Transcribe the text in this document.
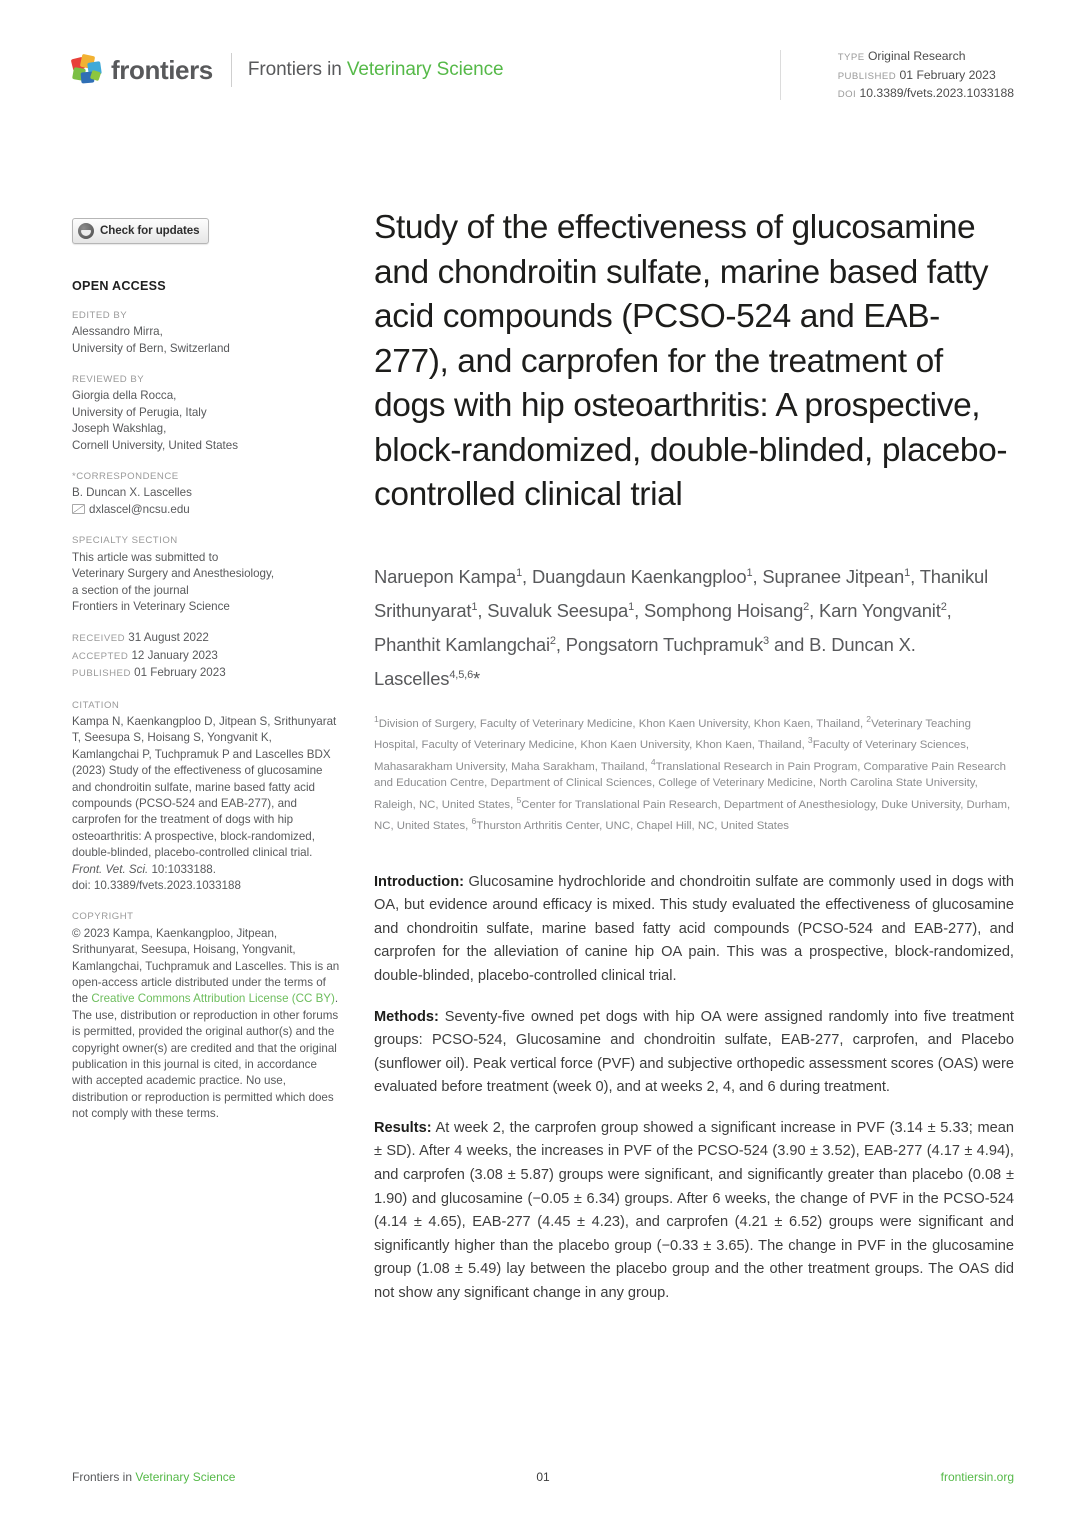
frontiers Frontiers in Veterinary Science
TYPE Original Research
PUBLISHED 01 February 2023
DOI 10.3389/fvets.2023.1033188
Check for updates
OPEN ACCESS
EDITED BY

Alessandro Mirra,

University of Bern, Switzerland

REVIEWED BY

Giorgia della Rocca,

University of Perugia, Italy

Joseph Wakshlag,

Cornell University, United States

*CORRESPONDENCE

B. Duncan X. Lascelles

dxlascel@ncsu.edu

SPECIALTY SECTION

This article was submitted to

Veterinary Surgery and Anesthesiology,

a section of the journal

Frontiers in Veterinary Science

RECEIVED 31 August 2022

ACCEPTED 12 January 2023

PUBLISHED 01 February 2023

CITATION

Kampa N, Kaenkangploo D, Jitpean S, Srithunyarat T, Seesupa S, Hoisang S, Yongvanit K, Kamlangchai P, Tuchpramuk P and Lascelles BDX (2023) Study of the effectiveness of glucosamine and chondroitin sulfate, marine based fatty acid compounds (PCSO-524 and EAB-277), and carprofen for the treatment of dogs with hip osteoarthritis: A prospective, block-randomized, double-blinded, placebo-controlled clinical trial. Front. Vet. Sci. 10:1033188.

doi: 10.3389/fvets.2023.1033188

COPYRIGHT

© 2023 Kampa, Kaenkangploo, Jitpean, Srithunyarat, Seesupa, Hoisang, Yongvanit, Kamlangchai, Tuchpramuk and Lascelles. This is an open-access article distributed under the terms of the Creative Commons Attribution License (CC BY). The use, distribution or reproduction in other forums is permitted, provided the original author(s) and the copyright owner(s) are credited and that the original publication in this journal is cited, in accordance with accepted academic practice. No use, distribution or reproduction is permitted which does not comply with these terms.

Study of the effectiveness of glucosamine and chondroitin sulfate, marine based fatty acid compounds (PCSO-524 and EAB-277), and carprofen for the treatment of dogs with hip osteoarthritis: A prospective, block-randomized, double-blinded, placebo-controlled clinical trial
Naruepon Kampa$^1$, Duangdaun Kaenkangploo$^1$, Supranee Jitpean$^1$, Thanikul Srithunyarat$^1$, Suvaluk Seesupa$^1$, Somphong Hoisang$^2$, Karn Yongvanit$^2$, Phanthit Kamlangchai$^2$, Pongsatorn Tuchpramuk$^3$ and B. Duncan X. Lascelles$^{4,5,6}$*
$^1$Division of Surgery, Faculty of Veterinary Medicine, Khon Kaen University, Khon Kaen, Thailand, $^2$Veterinary Teaching Hospital, Faculty of Veterinary Medicine, Khon Kaen University, Khon Kaen, Thailand, $^3$Faculty of Veterinary Sciences, Mahasarakham University, Maha Sarakham, Thailand, $^4$Translational Research in Pain Program, Comparative Pain Research and Education Centre, Department of Clinical Sciences, College of Veterinary Medicine, North Carolina State University, Raleigh, NC, United States, $^5$Center for Translational Pain Research, Department of Anesthesiology, Duke University, Durham, NC, United States, $^6$Thurston Arthritis Center, UNC, Chapel Hill, NC, United States

Introduction: Glucosamine hydrochloride and chondroitin sulfate are commonly used in dogs with OA, but evidence around efficacy is mixed. This study evaluated the effectiveness of glucosamine and chondroitin sulfate, marine based fatty acid compounds (PCSO-524 and EAB-277), and carprofen for the alleviation of canine hip OA pain. This was a prospective, block-randomized, double-blinded, placebo-controlled clinical trial.

Methods: Seventy-five owned pet dogs with hip OA were assigned randomly into five treatment groups: PCSO-524, Glucosamine and chondroitin sulfate, EAB-277, carprofen, and Placebo (sunflower oil). Peak vertical force (PVF) and subjective orthopedic assessment scores (OAS) were evaluated before treatment (week 0), and at weeks 2, 4, and 6 during treatment.

Results: At week 2, the carprofen group showed a significant increase in PVF (3.14 ± 5.33; mean ± SD). After 4 weeks, the increases in PVF of the PCSO-524 (3.90 ± 3.52), EAB-277 (4.17 ± 4.94), and carprofen (3.08 ± 5.87) groups were significant, and significantly greater than placebo (0.08 ± 1.90) and glucosamine (−0.05 ± 6.34) groups. After 6 weeks, the change of PVF in the PCSO-524 (4.14 ± 4.65), EAB-277 (4.45 ± 4.23), and carprofen (4.21 ± 6.52) groups were significant and significantly higher than the placebo group (−0.33 ± 3.65). The change in PVF in the glucosamine group (1.08 ± 5.49) lay between the placebo group and the other treatment groups. The OAS did not show any significant change in any group.

Frontiers in Veterinary Science	01	frontiersin.org
